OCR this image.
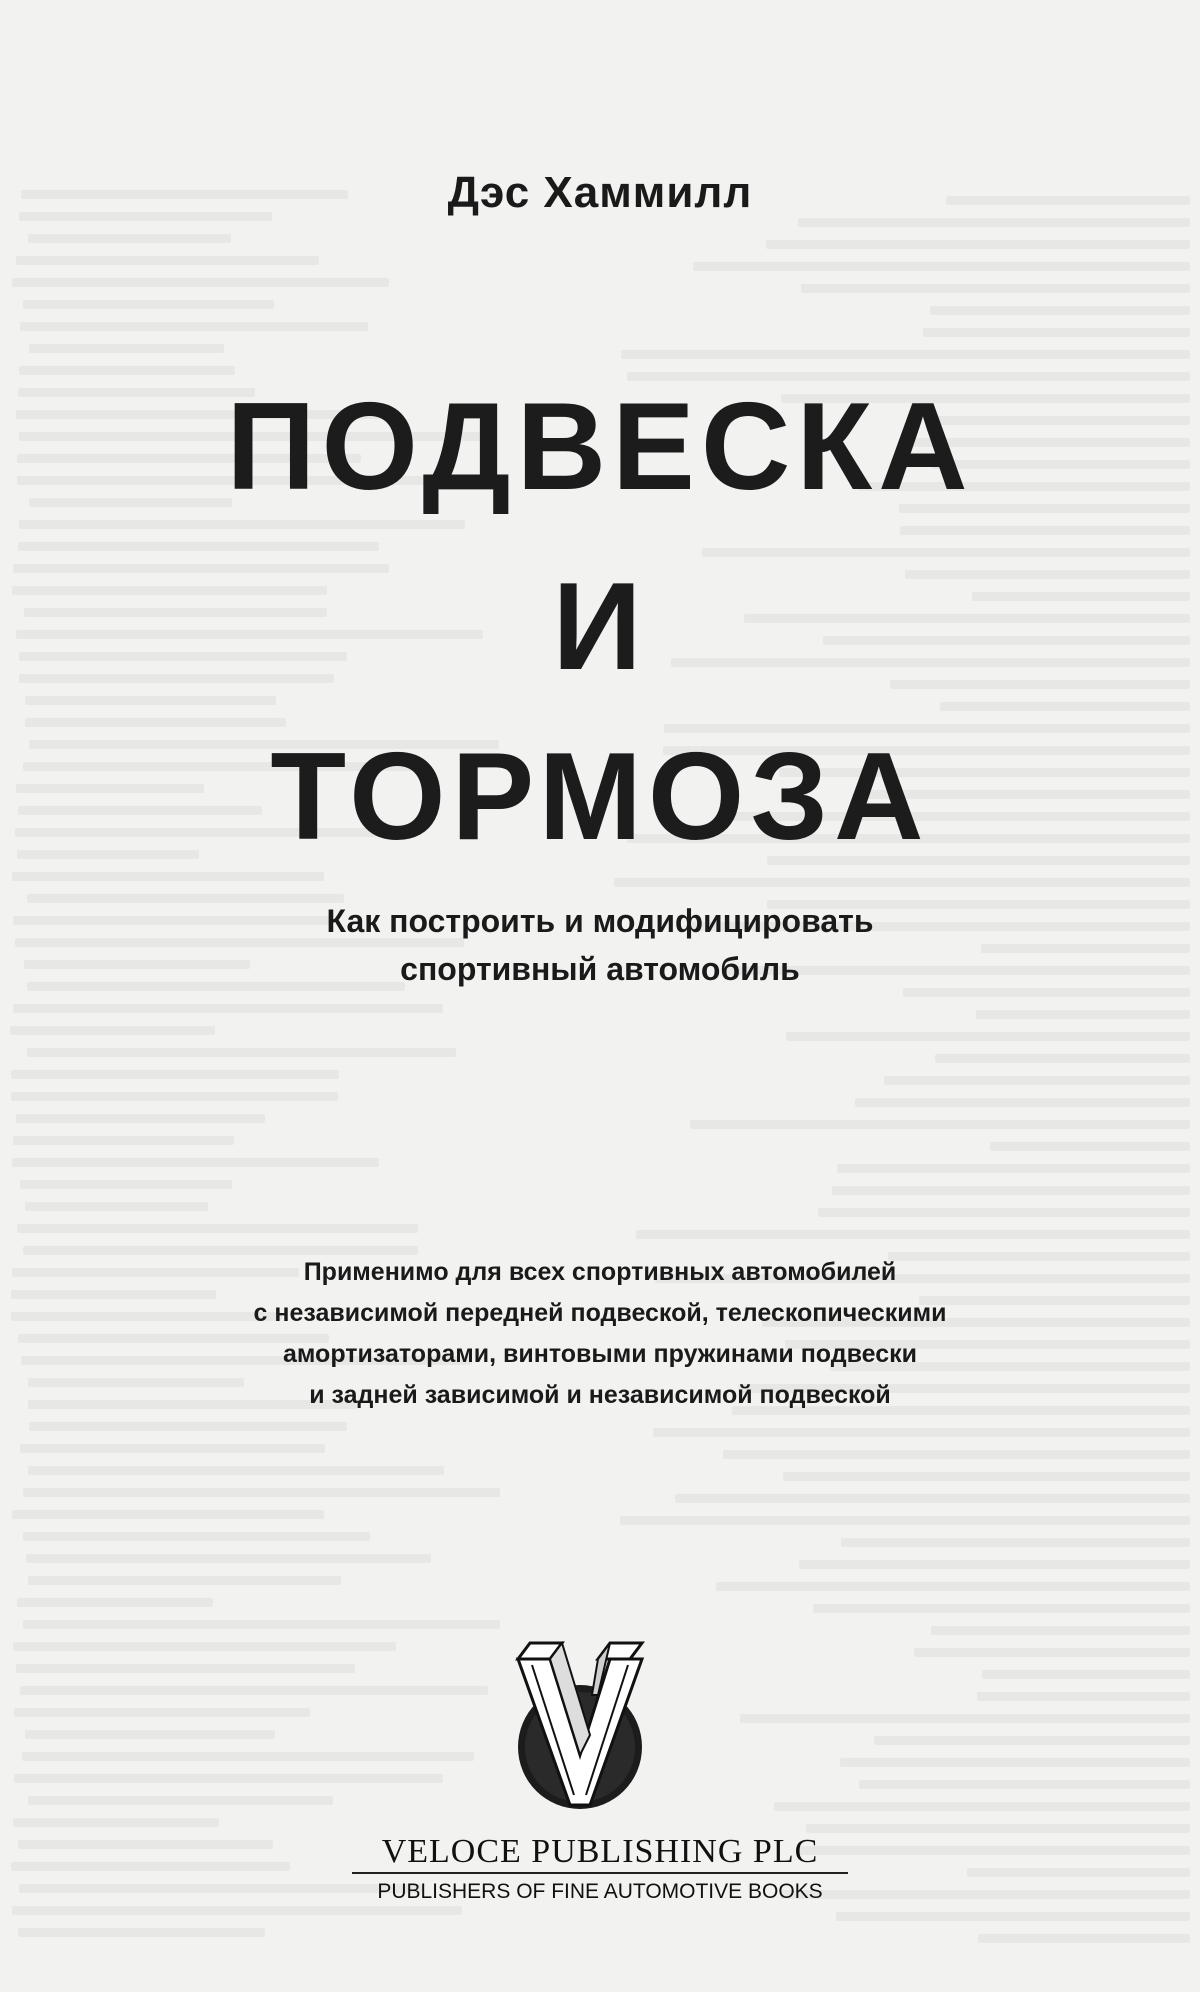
Дэс Хаммилл
ПОДВЕСКА
И
ТОРМОЗА
Как построить и модифицировать
спортивный автомобиль
Применимо для всех спортивных автомобилей
с независимой передней подвеской, телескопическими
амортизаторами, винтовыми пружинами подвески
и задней зависимой и независимой подвеской
VELOCE PUBLISHING PLC
PUBLISHERS OF FINE AUTOMOTIVE BOOKS
